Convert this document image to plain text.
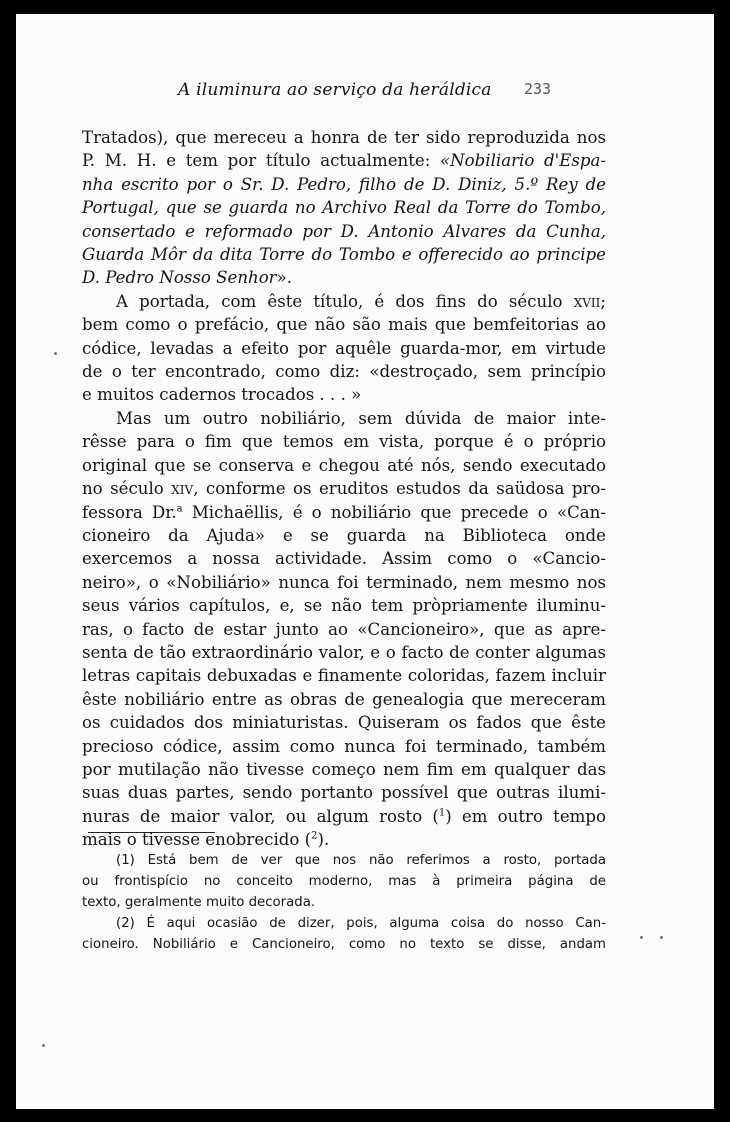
A iluminura ao serviço da heráldica 233
Tratados), que mereceu a honra de ter sido reproduzida nos
P. M. H. e tem por título actualmente: «Nobiliario d'Espa-
nha escrito por o Sr. D. Pedro, filho de D. Diniz, 5.º Rey de
Portugal, que se guarda no Archivo Real da Torre do Tombo,
consertado e reformado por D. Antonio Alvares da Cunha,
Guarda Môr da dita Torre do Tombo e offerecido ao principe
D. Pedro Nosso Senhor».
A portada, com êste título, é dos fins do século xvii;
bem como o prefácio, que não são mais que bemfeitorias ao
códice, levadas a efeito por aquêle guarda-mor, em virtude
de o ter encontrado, como diz: «destroçado, sem princípio
e muitos cadernos trocados . . . »
Mas um outro nobiliário, sem dúvida de maior inte-
rêsse para o fim que temos em vista, porque é o próprio
original que se conserva e chegou até nós, sendo executado
no século xiv, conforme os eruditos estudos da saüdosa pro-
fessora Dr.$^a$ Michaëllis, é o nobiliário que precede o «Can-
cioneiro da Ajuda» e se guarda na Biblioteca onde
exercemos a nossa actividade. Assim como o «Cancio-
neiro», o «Nobiliário» nunca foi terminado, nem mesmo nos
seus vários capítulos, e, se não tem pròpriamente iluminu-
ras, o facto de estar junto ao «Cancioneiro», que as apre-
senta de tão extraordinário valor, e o facto de conter algumas
letras capitais debuxadas e finamente coloridas, fazem incluir
êste nobiliário entre as obras de genealogia que mereceram
os cuidados dos miniaturistas. Quiseram os fados que êste
precioso códice, assim como nunca foi terminado, também
por mutilação não tivesse começo nem fim em qualquer das
suas duas partes, sendo portanto possível que outras ilumi-
nuras de maior valor, ou algum rosto ($^1$) em outro tempo
mais o tivesse enobrecido ($^2$).
(1) Está bem de ver que nos não referimos a rosto, portada
ou frontispício no conceito moderno, mas à primeira página de
texto, geralmente muito decorada.
(2) É aqui ocasião de dizer, pois, alguma coisa do nosso Can-
cioneiro. Nobiliário e Cancioneiro, como no texto se disse, andam
